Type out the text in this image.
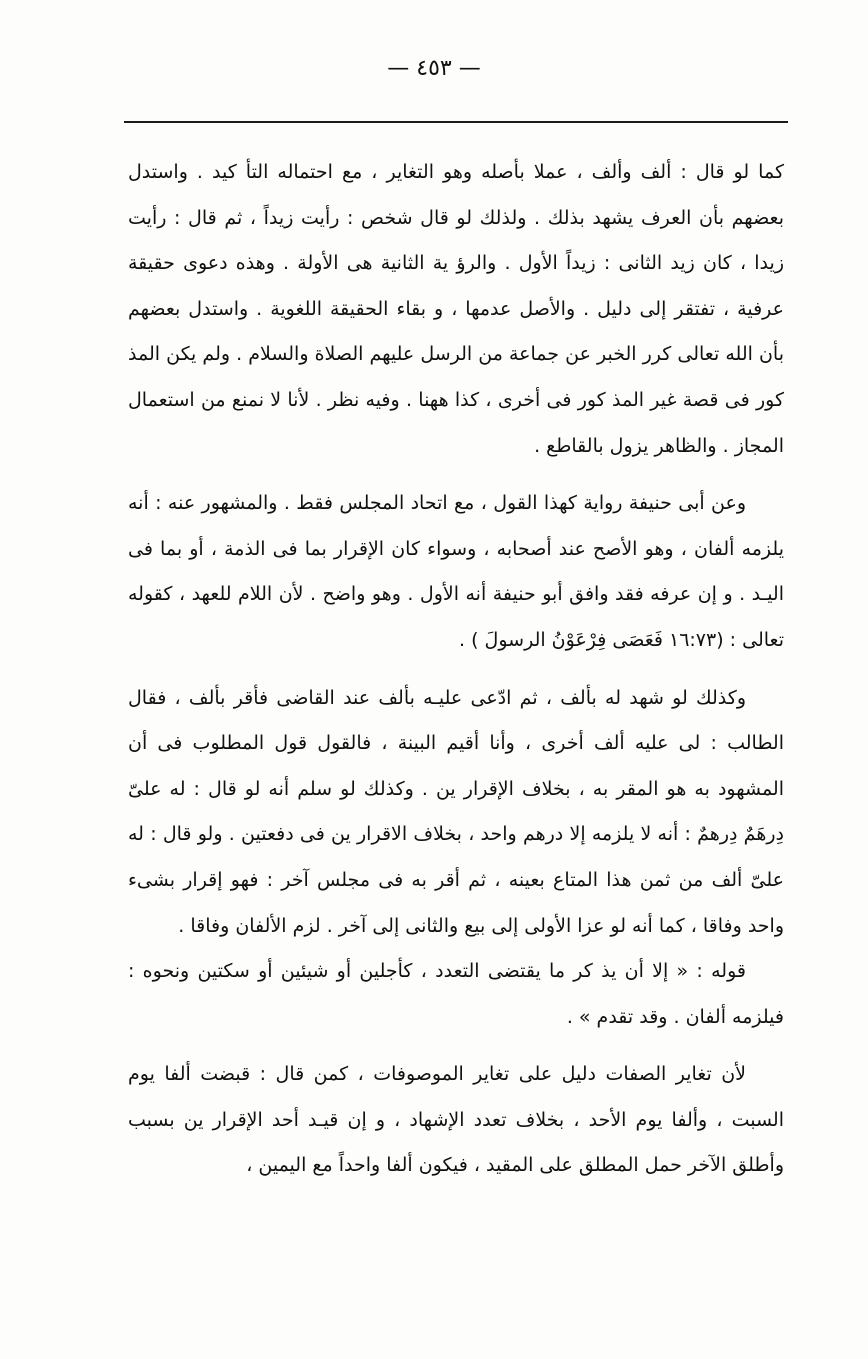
— ٤٥٣ —

كما لو قال : ألف وألف ، عملا بأصله وهو التغاير ، مع احتماله التأ كيد . واستدل بعضهم بأن العرف يشهد بذلك . ولذلك لو قال شخص : رأيت زيداً ، ثم قال : رأيت زيدا ، كان زيد الثانى : زيداً الأول . والرؤ ية الثانية هى الأولة . وهذه دعوى حقيقة عرفية ، تفتقر إلى دليل . والأصل عدمها ، و بقاء الحقيقة اللغوية . واستدل بعضهم بأن الله تعالى كرر الخبر عن جماعة من الرسل عليهم الصلاة والسلام . ولم يكن المذ كور فى قصة غير المذ كور فى أخرى ، كذا ههنا . وفيه نظر . لأنا لا نمنع من استعمال المجاز . والظاهر يزول بالقاطع .

وعن أبى حنيفة رواية كهذا القول ، مع اتحاد المجلس فقط . والمشهور عنه : أنه يلزمه ألفان ، وهو الأصح عند أصحابه ، وسواء كان الإقرار بما فى الذمة ، أو بما فى اليـد . و إن عرفه فقد وافق أبو حنيفة أنه الأول . وهو واضح . لأن اللام للعهد ، كقوله تعالى : (١٦:٧٣ فَعَصَى فِرْعَوْنُ الرسولَ ) .

وكذلك لو شهد له بألف ، ثم ادّعى عليـه بألف عند القاضى فأقر بألف ، فقال الطالب : لى عليه ألف أخرى ، وأنا أقيم البينة ، فالقول قول المطلوب فى أن المشهود به هو المقر به ، بخلاف الإقرار ين . وكذلك لو سلم أنه لو قال : له علىّ دِرهَمٌ دِرهمٌ : أنه لا يلزمه إلا درهم واحد ، بخلاف الاقرار ين فى دفعتين . ولو قال : له علىّ ألف من ثمن هذا المتاع بعينه ، ثم أقر به فى مجلس آخر : فهو إقرار بشىء واحد وفاقا ، كما أنه لو عزا الأولى إلى بيع والثانى إلى آخر . لزم الألفان وفاقا .

قوله : « إلا أن يذ كر ما يقتضى التعدد ، كأجلين أو شيئين أو سكتين ونحوه : فيلزمه ألفان . وقد تقدم » .

لأن تغاير الصفات دليل على تغاير الموصوفات ، كمن قال : قبضت ألفا يوم السبت ، وألفا يوم الأحد ، بخلاف تعدد الإشهاد ، و إن قيـد أحد الإقرار ين بسبب وأطلق الآخر حمل المطلق على المقيد ، فيكون ألفا واحداً مع اليمين ،
